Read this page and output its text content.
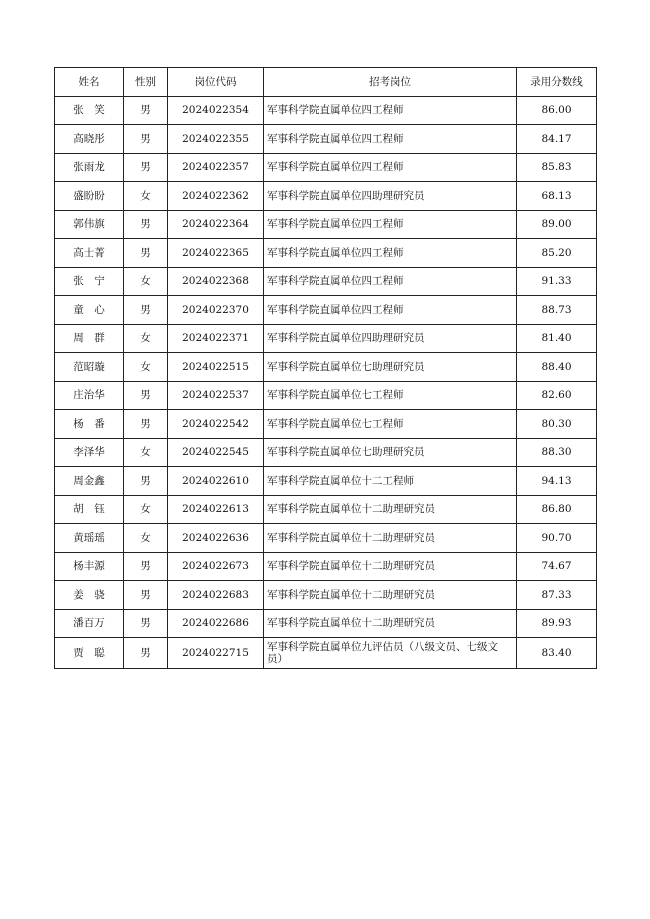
姓名	性别	岗位代码	招考岗位	录用分数线
张　笑	男	2024022354	军事科学院直属单位四工程师	86.00
高晓彤	男	2024022355	军事科学院直属单位四工程师	84.17
张雨龙	男	2024022357	军事科学院直属单位四工程师	85.83
盛盼盼	女	2024022362	军事科学院直属单位四助理研究员	68.13
郭伟旗	男	2024022364	军事科学院直属单位四工程师	89.00
高士菁	男	2024022365	军事科学院直属单位四工程师	85.20
张　宁	女	2024022368	军事科学院直属单位四工程师	91.33
童　心	男	2024022370	军事科学院直属单位四工程师	88.73
周　群	女	2024022371	军事科学院直属单位四助理研究员	81.40
范昭璇	女	2024022515	军事科学院直属单位七助理研究员	88.40
庄治华	男	2024022537	军事科学院直属单位七工程师	82.60
杨　番	男	2024022542	军事科学院直属单位七工程师	80.30
李泽华	女	2024022545	军事科学院直属单位七助理研究员	88.30
周金鑫	男	2024022610	军事科学院直属单位十二工程师	94.13
胡　钰	女	2024022613	军事科学院直属单位十二助理研究员	86.80
黄瑶瑶	女	2024022636	军事科学院直属单位十二助理研究员	90.70
杨丰源	男	2024022673	军事科学院直属单位十二助理研究员	74.67
姜　骁	男	2024022683	军事科学院直属单位十二助理研究员	87.33
潘百万	男	2024022686	军事科学院直属单位十二助理研究员	89.93
贾　聪	男	2024022715	军事科学院直属单位九评估员（八级文员、七级文员）	83.40
